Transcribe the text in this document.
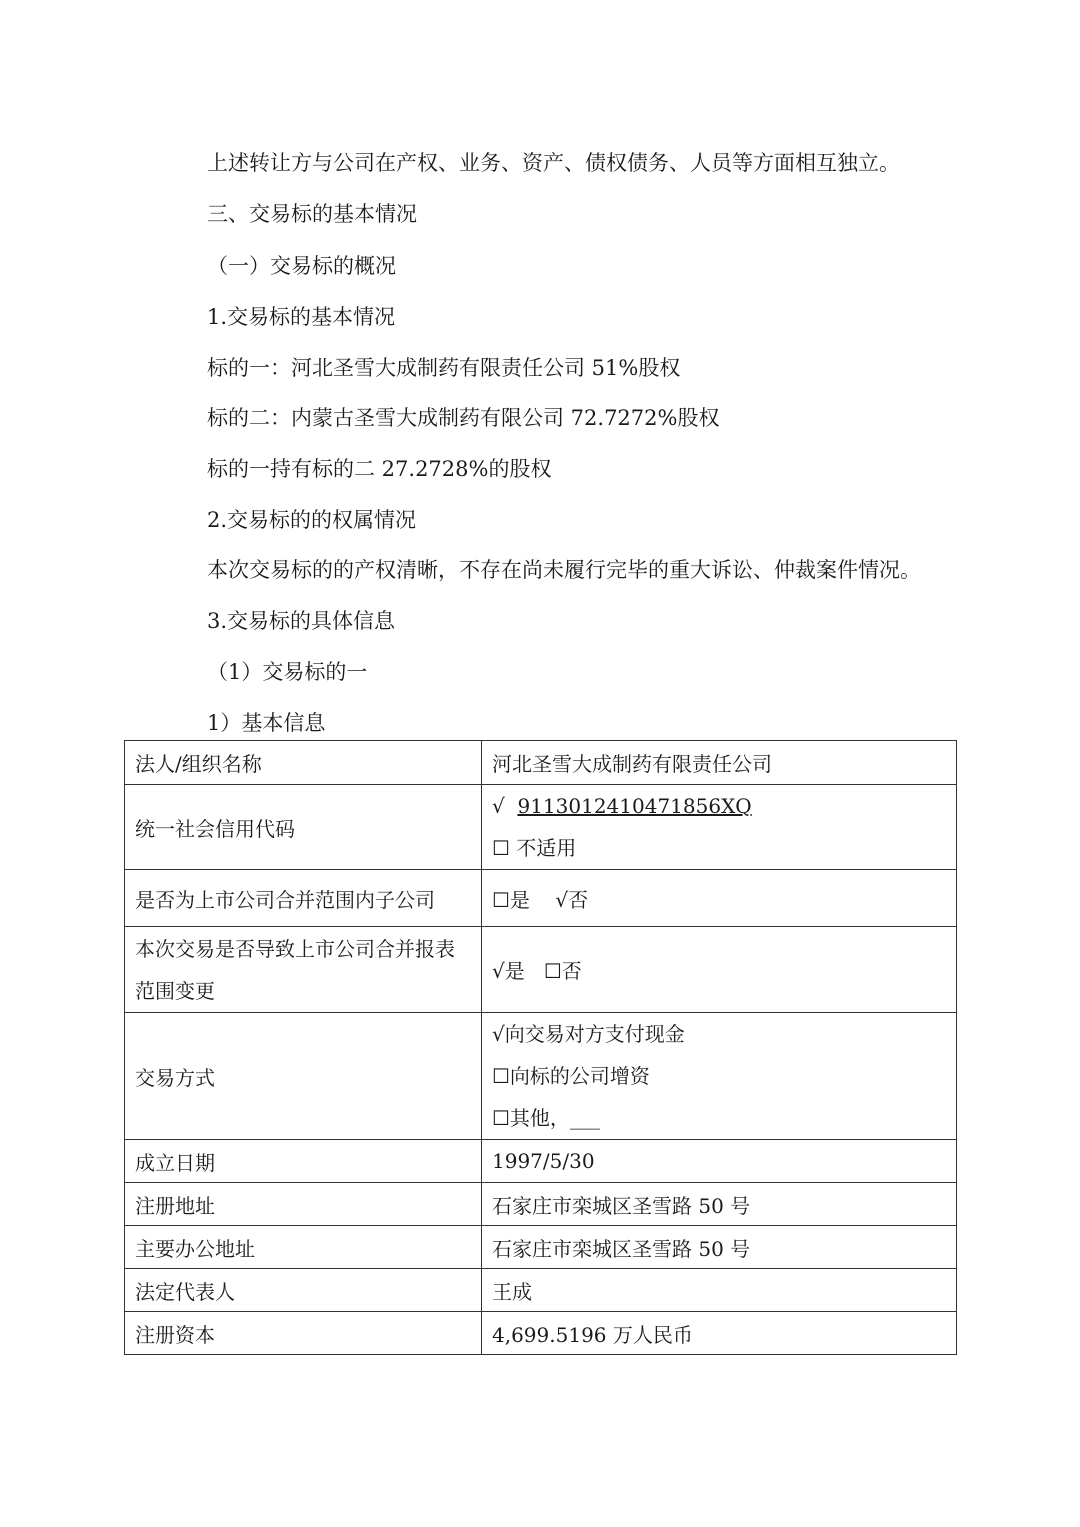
上述转让方与公司在产权、业务、资产、债权债务、人员等方面相互独立。
三、交易标的基本情况
（一）交易标的概况
1.交易标的基本情况
标的一：河北圣雪大成制药有限责任公司 51%股权
标的二：内蒙古圣雪大成制药有限公司 72.7272%股权
标的一持有标的二 27.2728%的股权
2.交易标的的权属情况
本次交易标的的产权清晰，不存在尚未履行完毕的重大诉讼、仲裁案件情况。
3.交易标的具体信息
（1）交易标的一
1）基本信息
法人/组织名称	河北圣雪大成制药有限责任公司
统一社会信用代码	√ 9113012410471856XQ
☐ 不适用

是否为上市公司合并范围内子公司	☐是    √否
本次交易是否导致上市公司合并报表范围变更	√是   ☐否
交易方式	√向交易对方支付现金
☐向标的公司增资
☐其他，___

成立日期	1997/5/30
注册地址	石家庄市栾城区圣雪路 50 号
主要办公地址	石家庄市栾城区圣雪路 50 号
法定代表人	王成
注册资本	4,699.5196 万人民币
